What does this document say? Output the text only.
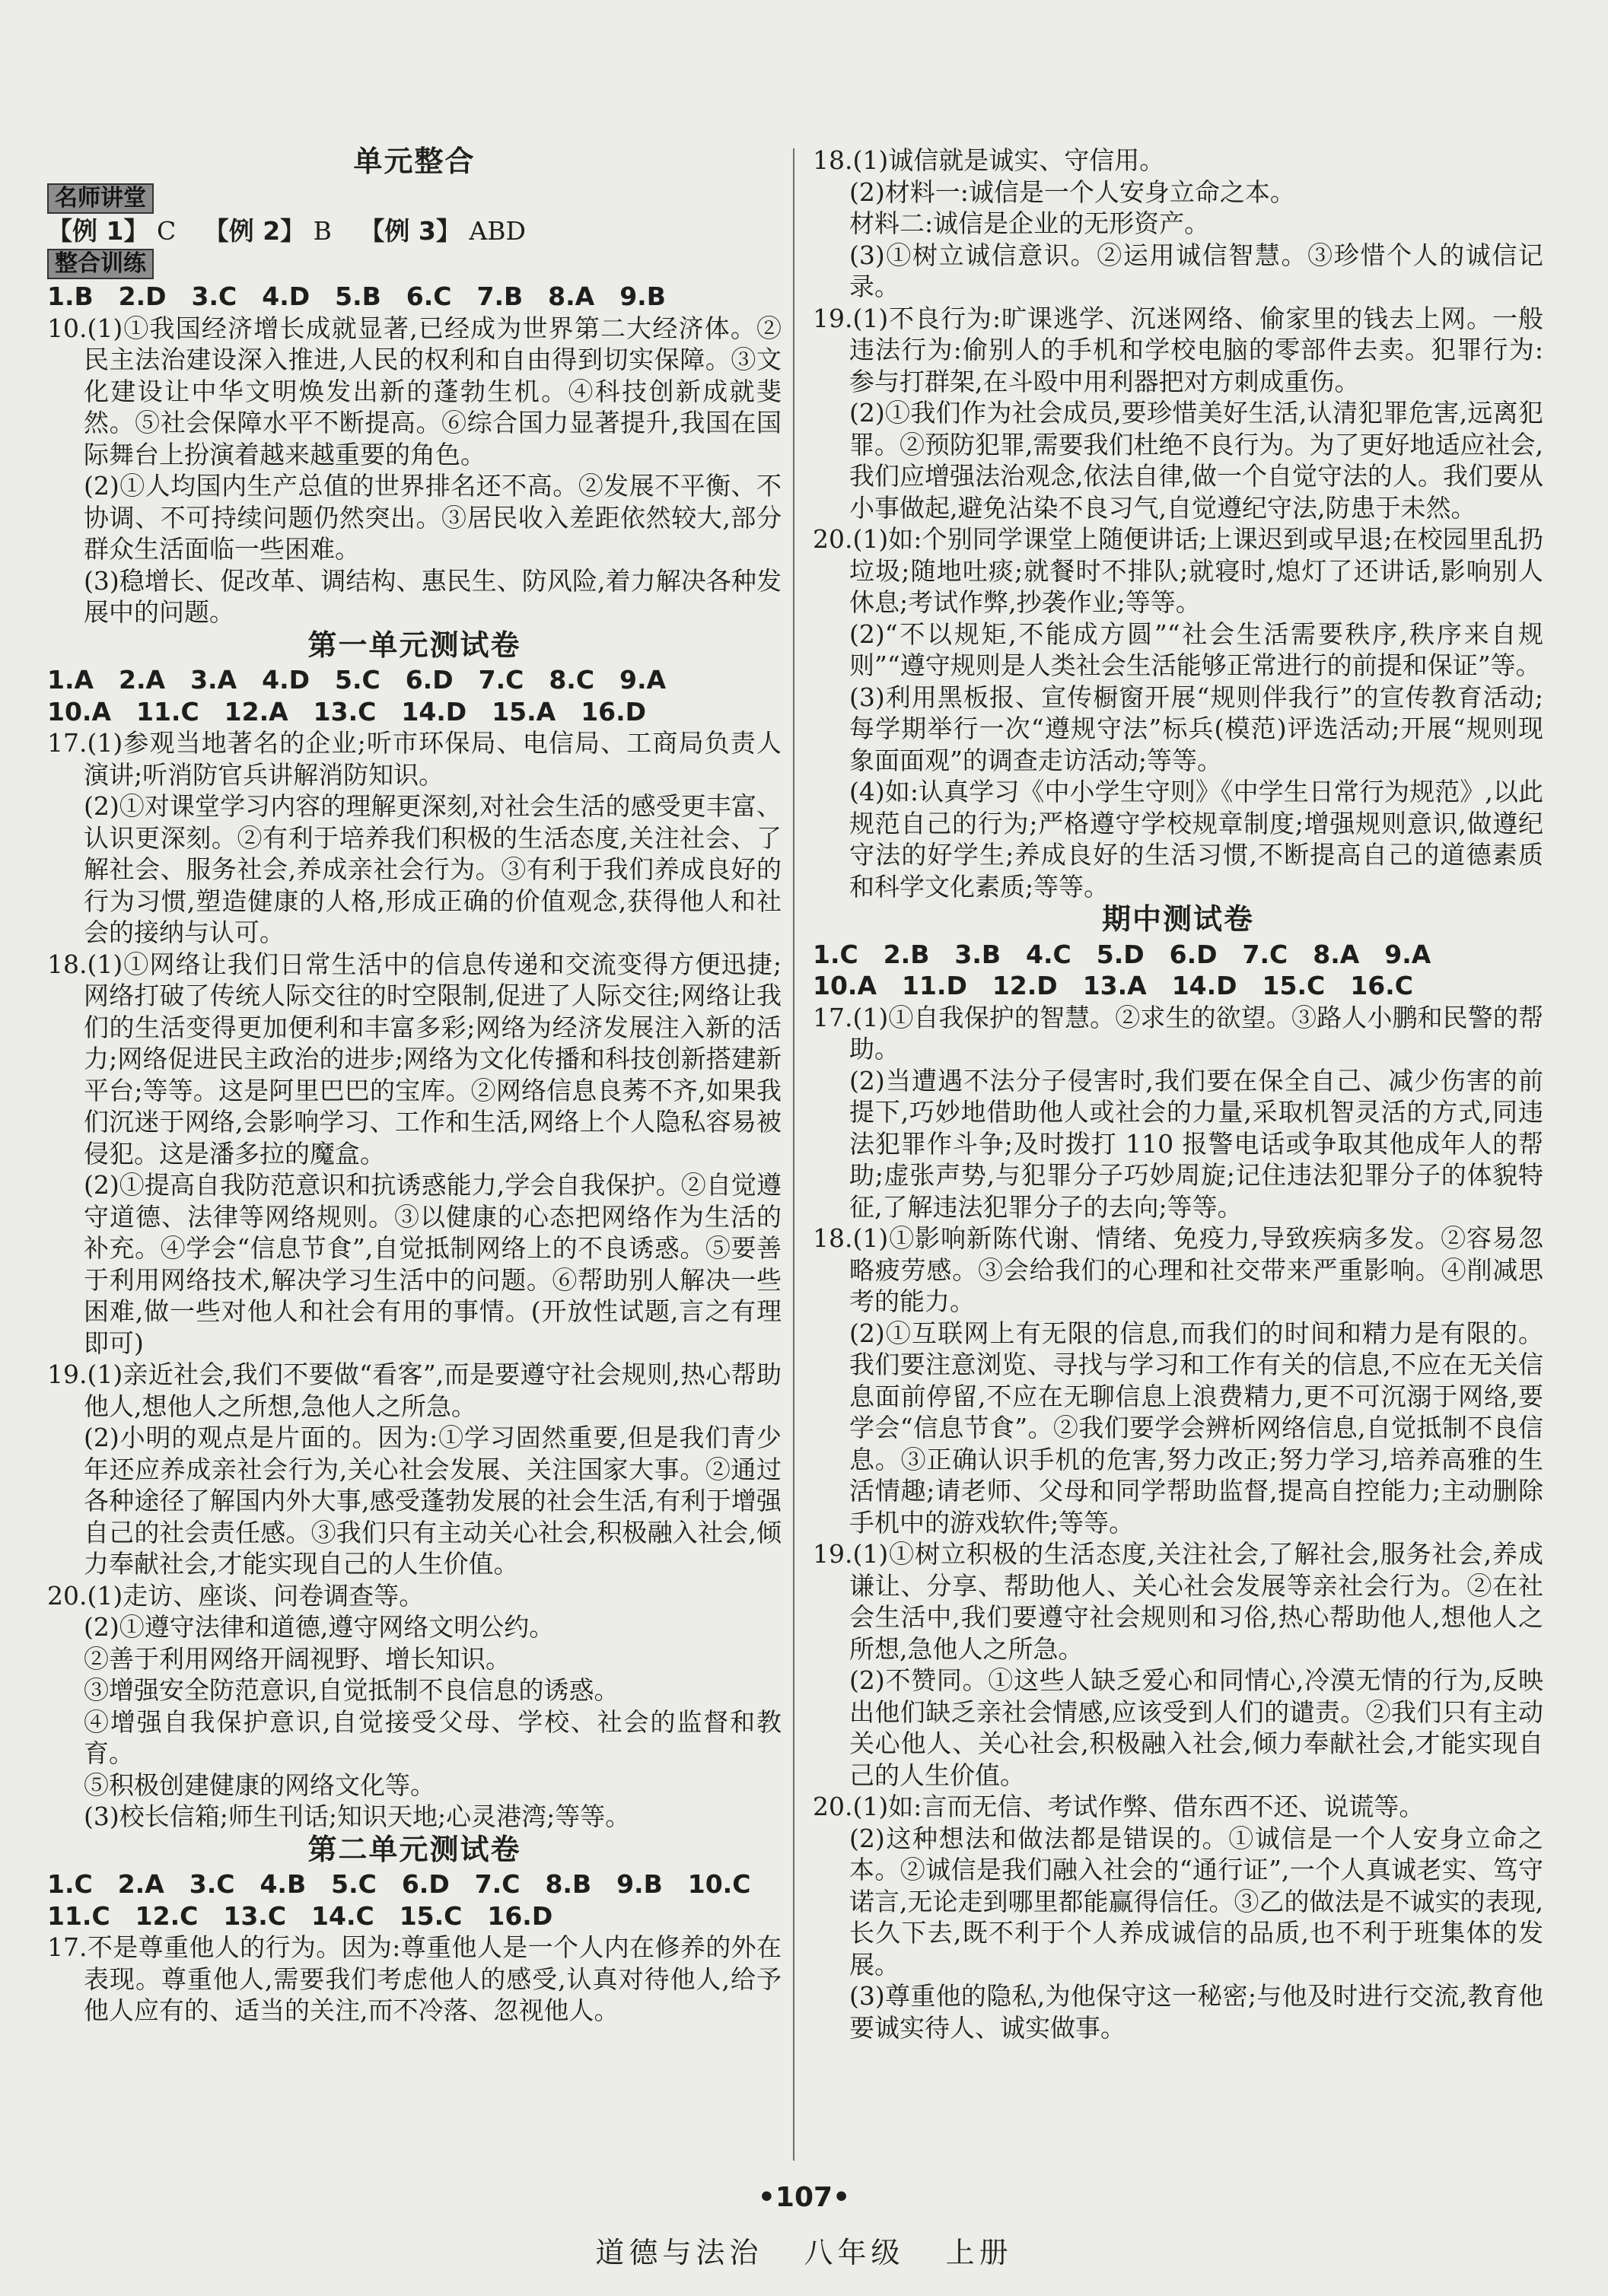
单元整合
名师讲堂
【例 1】 C 【例 2】 B 【例 3】 ABD
整合训练
1.B　2.D　3.C　4.D　5.B　6.C　7.B　8.A　9.B
10.(1)①我国经济增长成就显著,已经成为世界第二大经济体。②民主法治建设深入推进,人民的权利和自由得到切实保障。③文化建设让中华文明焕发出新的蓬勃生机。④科技创新成就斐然。⑤社会保障水平不断提高。⑥综合国力显著提升,我国在国际舞台上扮演着越来越重要的角色。
(2)①人均国内生产总值的世界排名还不高。②发展不平衡、不协调、不可持续问题仍然突出。③居民收入差距依然较大,部分群众生活面临一些困难。
(3)稳增长、促改革、调结构、惠民生、防风险,着力解决各种发展中的问题。
第一单元测试卷
1.A　2.A　3.A　4.D　5.C　6.D　7.C　8.C　9.A
10.A　11.C　12.A　13.C　14.D　15.A　16.D
17.(1)参观当地著名的企业;听市环保局、电信局、工商局负责人演讲;听消防官兵讲解消防知识。
(2)①对课堂学习内容的理解更深刻,对社会生活的感受更丰富、认识更深刻。②有利于培养我们积极的生活态度,关注社会、了解社会、服务社会,养成亲社会行为。③有利于我们养成良好的行为习惯,塑造健康的人格,形成正确的价值观念,获得他人和社会的接纳与认可。
18.(1)①网络让我们日常生活中的信息传递和交流变得方便迅捷;网络打破了传统人际交往的时空限制,促进了人际交往;网络让我们的生活变得更加便利和丰富多彩;网络为经济发展注入新的活力;网络促进民主政治的进步;网络为文化传播和科技创新搭建新平台;等等。这是阿里巴巴的宝库。②网络信息良莠不齐,如果我们沉迷于网络,会影响学习、工作和生活,网络上个人隐私容易被侵犯。这是潘多拉的魔盒。
(2)①提高自我防范意识和抗诱惑能力,学会自我保护。②自觉遵守道德、法律等网络规则。③以健康的心态把网络作为生活的补充。④学会“信息节食”,自觉抵制网络上的不良诱惑。⑤要善于利用网络技术,解决学习生活中的问题。⑥帮助别人解决一些困难,做一些对他人和社会有用的事情。(开放性试题,言之有理即可)
19.(1)亲近社会,我们不要做“看客”,而是要遵守社会规则,热心帮助他人,想他人之所想,急他人之所急。
(2)小明的观点是片面的。因为:①学习固然重要,但是我们青少年还应养成亲社会行为,关心社会发展、关注国家大事。②通过各种途径了解国内外大事,感受蓬勃发展的社会生活,有利于增强自己的社会责任感。③我们只有主动关心社会,积极融入社会,倾力奉献社会,才能实现自己的人生价值。
20.(1)走访、座谈、问卷调查等。
(2)①遵守法律和道德,遵守网络文明公约。
②善于利用网络开阔视野、增长知识。
③增强安全防范意识,自觉抵制不良信息的诱惑。
④增强自我保护意识,自觉接受父母、学校、社会的监督和教育。
⑤积极创建健康的网络文化等。
(3)校长信箱;师生刊话;知识天地;心灵港湾;等等。
第二单元测试卷
1.C　2.A　3.C　4.B　5.C　6.D　7.C　8.B　9.B　10.C
11.C　12.C　13.C　14.C　15.C　16.D
17.不是尊重他人的行为。因为:尊重他人是一个人内在修养的外在表现。尊重他人,需要我们考虑他人的感受,认真对待他人,给予他人应有的、适当的关注,而不冷落、忽视他人。
18.(1)诚信就是诚实、守信用。
(2)材料一:诚信是一个人安身立命之本。
材料二:诚信是企业的无形资产。
(3)①树立诚信意识。②运用诚信智慧。③珍惜个人的诚信记录。
19.(1)不良行为:旷课逃学、沉迷网络、偷家里的钱去上网。一般违法行为:偷别人的手机和学校电脑的零部件去卖。犯罪行为:参与打群架,在斗殴中用利器把对方刺成重伤。
(2)①我们作为社会成员,要珍惜美好生活,认清犯罪危害,远离犯罪。②预防犯罪,需要我们杜绝不良行为。为了更好地适应社会,我们应增强法治观念,依法自律,做一个自觉守法的人。我们要从小事做起,避免沾染不良习气,自觉遵纪守法,防患于未然。
20.(1)如:个别同学课堂上随便讲话;上课迟到或早退;在校园里乱扔垃圾;随地吐痰;就餐时不排队;就寝时,熄灯了还讲话,影响别人休息;考试作弊,抄袭作业;等等。
(2)“不以规矩,不能成方圆”“社会生活需要秩序,秩序来自规则”“遵守规则是人类社会生活能够正常进行的前提和保证”等。
(3)利用黑板报、宣传橱窗开展“规则伴我行”的宣传教育活动;每学期举行一次“遵规守法”标兵(模范)评选活动;开展“规则现象面面观”的调查走访活动;等等。
(4)如:认真学习《中小学生守则》《中学生日常行为规范》,以此规范自己的行为;严格遵守学校规章制度;增强规则意识,做遵纪守法的好学生;养成良好的生活习惯,不断提高自己的道德素质和科学文化素质;等等。
期中测试卷
1.C　2.B　3.B　4.C　5.D　6.D　7.C　8.A　9.A
10.A　11.D　12.D　13.A　14.D　15.C　16.C
17.(1)①自我保护的智慧。②求生的欲望。③路人小鹏和民警的帮助。
(2)当遭遇不法分子侵害时,我们要在保全自己、减少伤害的前提下,巧妙地借助他人或社会的力量,采取机智灵活的方式,同违法犯罪作斗争;及时拨打 110 报警电话或争取其他成年人的帮助;虚张声势,与犯罪分子巧妙周旋;记住违法犯罪分子的体貌特征,了解违法犯罪分子的去向;等等。
18.(1)①影响新陈代谢、情绪、免疫力,导致疾病多发。②容易忽略疲劳感。③会给我们的心理和社交带来严重影响。④削减思考的能力。
(2)①互联网上有无限的信息,而我们的时间和精力是有限的。我们要注意浏览、寻找与学习和工作有关的信息,不应在无关信息面前停留,不应在无聊信息上浪费精力,更不可沉溺于网络,要学会“信息节食”。②我们要学会辨析网络信息,自觉抵制不良信息。③正确认识手机的危害,努力改正;努力学习,培养高雅的生活情趣;请老师、父母和同学帮助监督,提高自控能力;主动删除手机中的游戏软件;等等。
19.(1)①树立积极的生活态度,关注社会,了解社会,服务社会,养成谦让、分享、帮助他人、关心社会发展等亲社会行为。②在社会生活中,我们要遵守社会规则和习俗,热心帮助他人,想他人之所想,急他人之所急。
(2)不赞同。①这些人缺乏爱心和同情心,冷漠无情的行为,反映出他们缺乏亲社会情感,应该受到人们的谴责。②我们只有主动关心他人、关心社会,积极融入社会,倾力奉献社会,才能实现自己的人生价值。
20.(1)如:言而无信、考试作弊、借东西不还、说谎等。
(2)这种想法和做法都是错误的。①诚信是一个人安身立命之本。②诚信是我们融入社会的“通行证”,一个人真诚老实、笃守诺言,无论走到哪里都能赢得信任。③乙的做法是不诚实的表现,长久下去,既不利于个人养成诚信的品质,也不利于班集体的发展。
(3)尊重他的隐私,为他保守这一秘密;与他及时进行交流,教育他要诚实待人、诚实做事。
•107•
道德与法治 八年级 上册
